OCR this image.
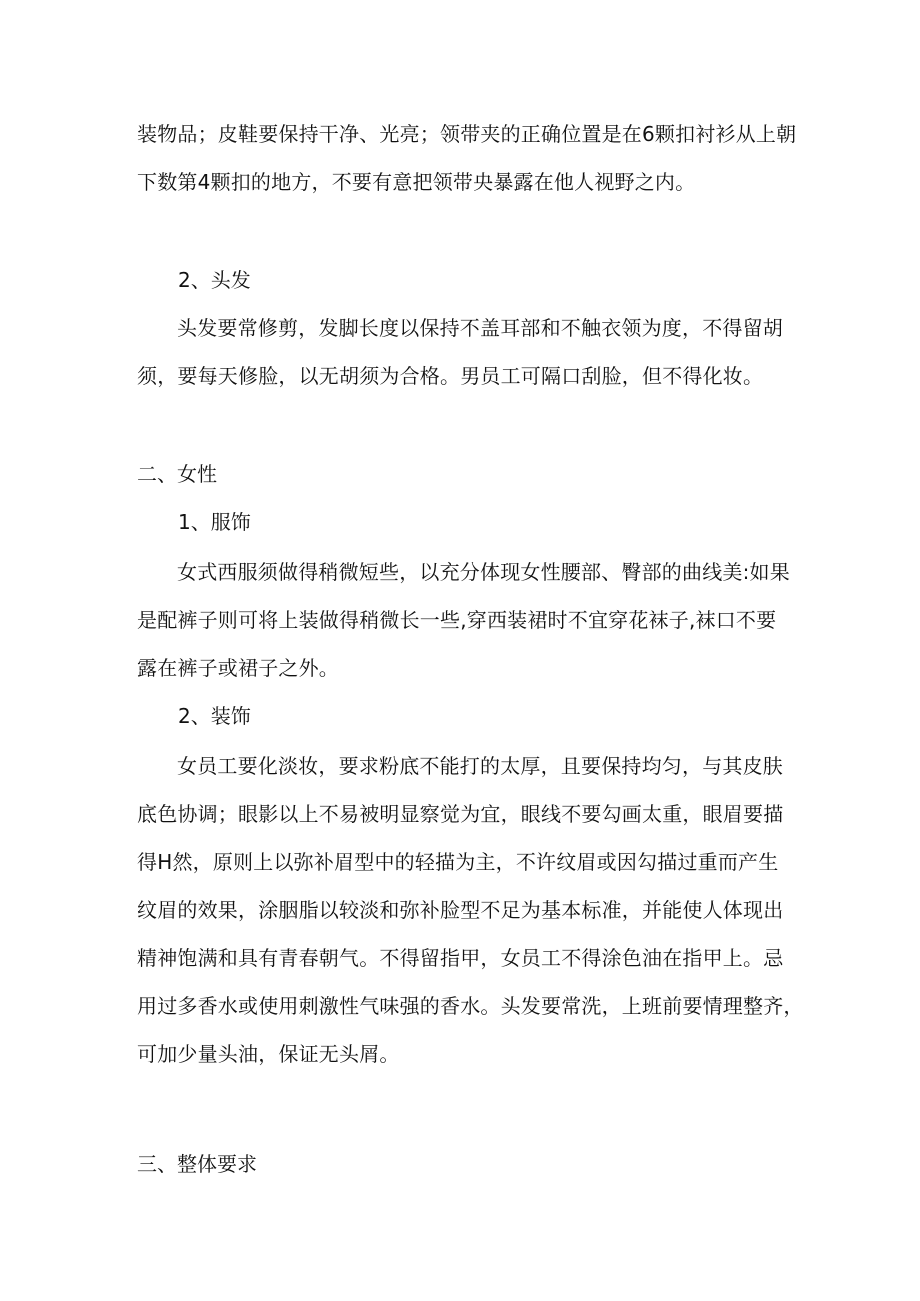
装物品；皮鞋要保持干净、光亮；领带夹的正确位置是在6颗扣衬衫从上朝
下数第4颗扣的地方，不要有意把领带央暴露在他人视野之内。
2、头发
头发要常修剪，发脚长度以保持不盖耳部和不触衣领为度，不得留胡
须，要每天修脸，以无胡须为合格。男员工可隔口刮脸，但不得化妆。
二、女性
1、服饰
女式西服须做得稍微短些，以充分体现女性腰部、臀部的曲线美:如果
是配裤子则可将上装做得稍微长一些,穿西装裙时不宜穿花袜子,袜口不要
露在裤子或裙子之外。
2、装饰
女员工要化淡妆，要求粉底不能打的太厚，且要保持均匀，与其皮肤
底色协调；眼影以上不易被明显察觉为宜，眼线不要勾画太重，眼眉要描
得H然，原则上以弥补眉型中的轻描为主，不许纹眉或因勾描过重而产生
纹眉的效果，涂胭脂以较淡和弥补脸型不足为基本标准，并能使人体现出
精神饱满和具有青春朝气。不得留指甲，女员工不得涂色油在指甲上。忌
用过多香水或使用刺激性气味强的香水。头发要常洗，上班前要情理整齐，
可加少量头油，保证无头屑。
三、整体要求
